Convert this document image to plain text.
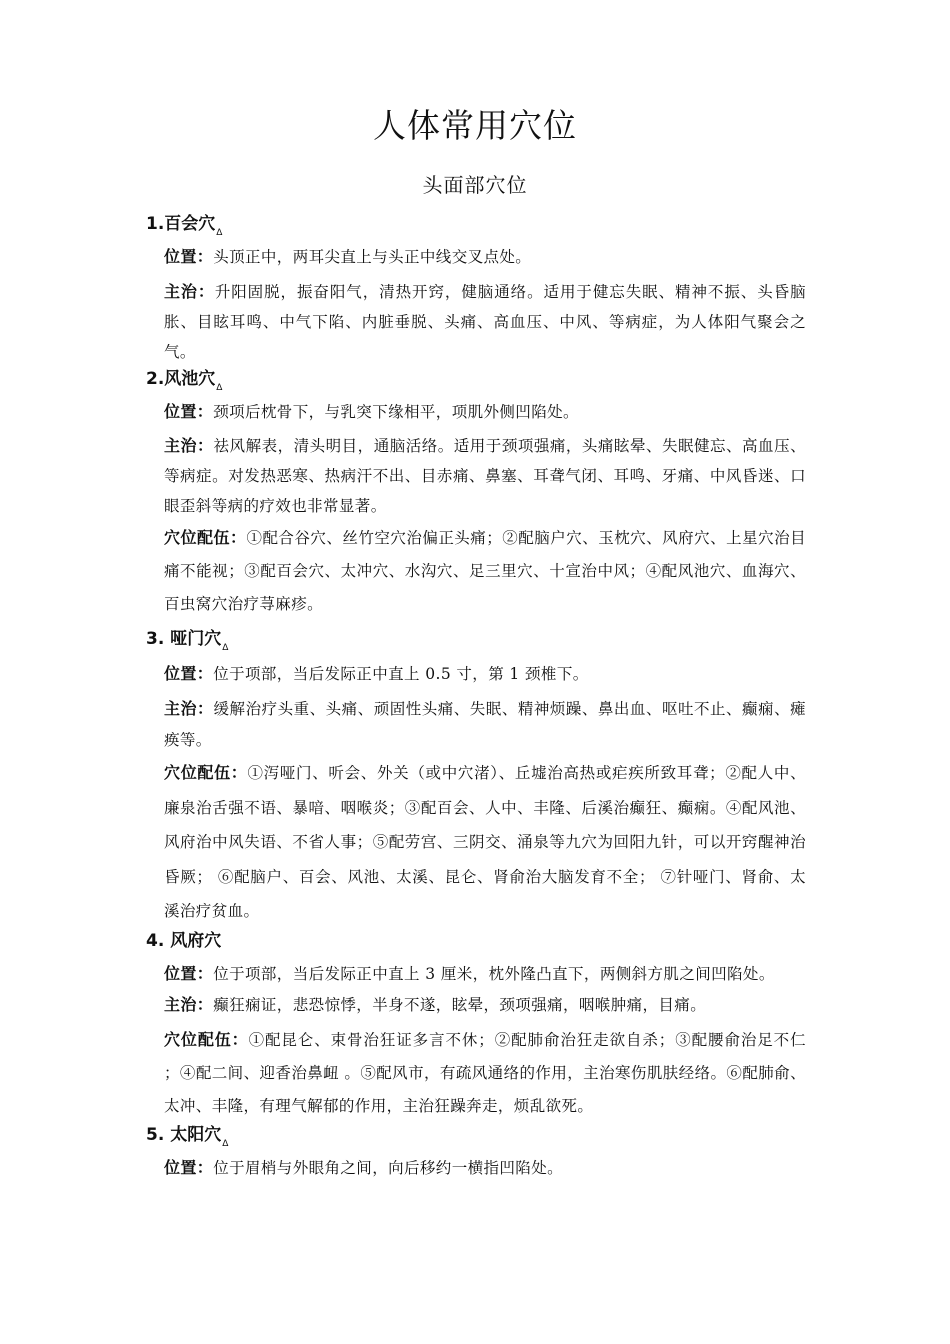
人体常用穴位
头面部穴位
1.百会穴$_\Delta$
位置：头顶正中，两耳尖直上与头正中线交叉点处。
主治：升阳固脱，振奋阳气，清热开窍，健脑通络。适用于健忘失眠、精神不振、头昏脑胀、目眩耳鸣、中气下陷、内脏垂脱、头痛、高血压、中风、等病症，为人体阳气聚会之气。
2.风池穴$_\Delta$
位置：颈项后枕骨下，与乳突下缘相平，项肌外侧凹陷处。
主治：祛风解表，清头明目，通脑活络。适用于颈项强痛，头痛眩晕、失眠健忘、高血压、等病症。对发热恶寒、热病汗不出、目赤痛、鼻塞、耳聋气闭、耳鸣、牙痛、中风昏迷、口眼歪斜等病的疗效也非常显著。
穴位配伍：①配合谷穴、丝竹空穴治偏正头痛；②配脑户穴、玉枕穴、风府穴、上星穴治目痛不能视；③配百会穴、太冲穴、水沟穴、足三里穴、十宣治中风；④配风池穴、血海穴、百虫窝穴治疗荨麻疹。
3. 哑门穴$_\Delta$
位置：位于项部，当后发际正中直上 0.5 寸，第 1 颈椎下。
主治：缓解治疗头重、头痛、顽固性头痛、失眠、精神烦躁、鼻出血、呕吐不止、癫痫、瘫痪等。
穴位配伍：①泻哑门、听会、外关（或中穴渚）、丘墟治高热或疟疾所致耳聋；②配人中、廉泉治舌强不语、暴喑、咽喉炎；③配百会、人中、丰隆、后溪治癫狂、癫痫。④配风池、风府治中风失语、不省人事；⑤配劳宫、三阴交、涌泉等九穴为回阳九针，可以开窍醒神治昏厥； ⑥配脑户、百会、风池、太溪、昆仑、肾俞治大脑发育不全； ⑦针哑门、肾俞、太溪治疗贫血。
4. 风府穴
位置：位于项部，当后发际正中直上 3 厘米，枕外隆凸直下，两侧斜方肌之间凹陷处。
主治：癫狂痫证，悲恐惊悸，半身不遂，眩晕，颈项强痛，咽喉肿痛，目痛。
穴位配伍：①配昆仑、束骨治狂证多言不休；②配肺俞治狂走欲自杀；③配腰俞治足不仁 ；④配二间、迎香治鼻衄 。⑤配风市，有疏风通络的作用，主治寒伤肌肤经络。⑥配肺俞、太冲、丰隆，有理气解郁的作用，主治狂躁奔走，烦乱欲死。
5. 太阳穴$_\Delta$
位置：位于眉梢与外眼角之间，向后移约一横指凹陷处。
